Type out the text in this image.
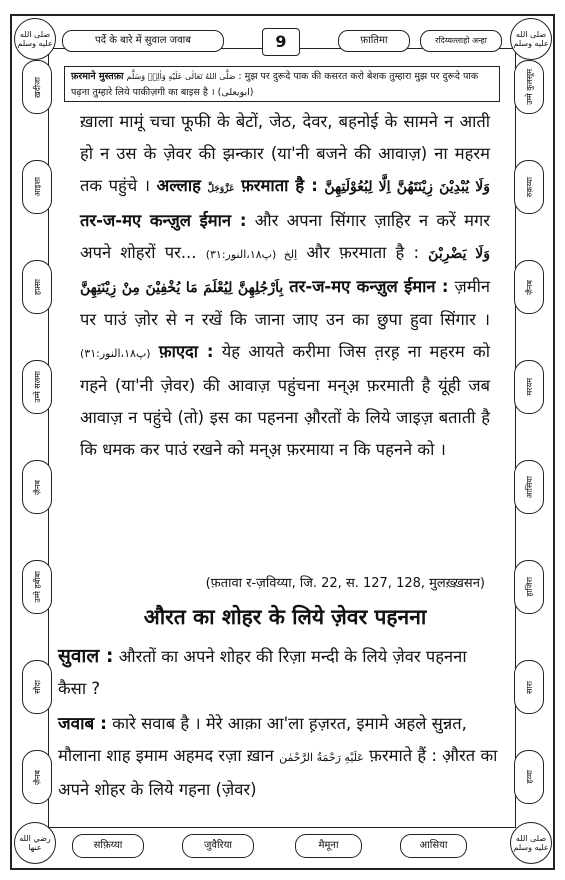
صلى الله عليه وسلم
صلى الله عليه وسلم
رضي الله عنها
صلى الله عليه وسلم
पर्दे के बारे में सुवाल जवाब	9	फ़ातिमा	रदिय्यल्लाहो अन्हा
ख़दीजा
आइशा
हफ़्सा
उम्मे सलमा
ज़ैनब
उम्मे हबीबा
सौदा
ज़ैनब
उम्मे कुलसूम
रुक़य्या
ज़ैनब
मरयम
आसिया
हाजिरा
सारा
हव्वा
फ़रमाने मुस्तफ़ा صَلَّى اللهُ تَعَالٰی عَلَيْهِ وَاٰلِهٖ وَسَلَّم : मुझ पर दुरूदे पाक की कसरत करो बेशक तुम्हारा मुझ पर दुरूदे पाक पढ़ना तुम्हारे लिये पाकीज़गी का बाइस है । (ابويعلى)

ख़ाला मामूं चचा फूफी के बेटों, जेठ, देवर, बहनोई के सामने न आती हो न उस के ज़ेवर की झन्कार (या'नी बजने की आवाज़) ना महरम तक पहुंचे । अल्लाह عَزَّوَجَلَّ फ़रमाता है : وَلَا يُبْدِيْنَ زِيْنَتَهُنَّ اِلَّا لِبُعُوْلَتِهِنَّ तर-ज-मए कन्ज़ुल ईमान : और अपना सिंगार ज़ाहिर न करें मगर अपने शोहरों पर... (پ۱۸،النور:۳۱) اِلخ और फ़रमाता है : وَلَا يَضْرِبْنَ بِاَرْجُلِهِنَّ لِيُعْلَمَ مَا يُخْفِيْنَ مِنْ زِيْنَتِهِنَّ तर-ज-मए कन्ज़ुल ईमान : ज़मीन पर पाउं ज़ोर से न रखें कि जाना जाए उन का छुपा हुवा सिंगार । (پ۱۸،النور:۳۱) फ़ाएदा : येह आयते करीमा जिस त़रह़ ना महरम को गहने (या'नी ज़ेवर) की आवाज़ पहुंचना मन्अ़ फ़रमाती है यूंही जब आवाज़ न पहुंचे (तो) इस का पहनना औ़रतों के लिये जाइज़ बताती है कि धमक कर पाउं रखने को मन्अ़ फ़रमाया न कि पहनने को ।

(फ़तावा र-ज़विय्या, जि. 22, स. 127, 128, मुलख़्ख़सन)
औरत का शोहर के लिये ज़ेवर पहनना
सुवाल : औरतों का अपने शोहर की रिज़ा मन्दी के लिये ज़ेवर पहनना कैसा ?
जवाब : कारे सवाब है । मेरे आक़ा आ'ला ह़ज़रत, इमामे अहले सुन्नत, मौलाना शाह इमाम अहमद रज़ा ख़ान عَلَيْهِ رَحْمَةُ الرَّحْمٰن फ़रमाते हैं : औ़रत का अपने शोहर के लिये गहना (ज़ेवर)
सफ़िय्या	जुवैरिया	मैमूना	आसिया
